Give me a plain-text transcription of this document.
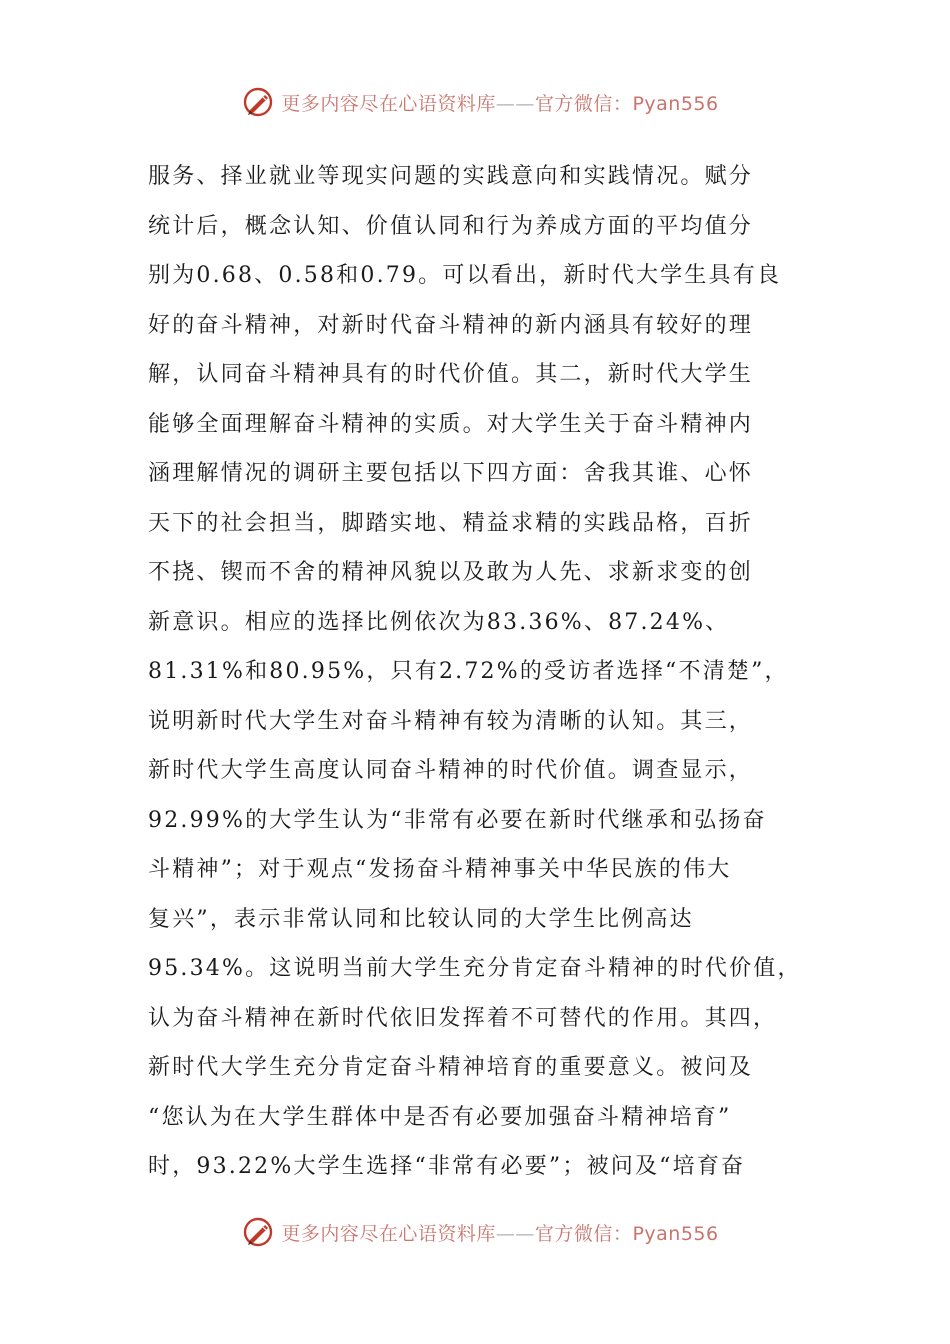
更多内容尽在心语资料库——官方微信：Pyan556
服务、择业就业等现实问题的实践意向和实践情况。赋分
统计后，概念认知、价值认同和行为养成方面的平均值分
别为0.68、0.58和0.79。可以看出，新时代大学生具有良
好的奋斗精神，对新时代奋斗精神的新内涵具有较好的理
解，认同奋斗精神具有的时代价值。其二，新时代大学生
能够全面理解奋斗精神的实质。对大学生关于奋斗精神内
涵理解情况的调研主要包括以下四方面：舍我其谁、心怀
天下的社会担当，脚踏实地、精益求精的实践品格，百折
不挠、锲而不舍的精神风貌以及敢为人先、求新求变的创
新意识。相应的选择比例依次为83.36%、87.24%、
81.31%和80.95%，只有2.72%的受访者选择“不清楚”，
说明新时代大学生对奋斗精神有较为清晰的认知。其三，
新时代大学生高度认同奋斗精神的时代价值。调查显示，
92.99%的大学生认为“非常有必要在新时代继承和弘扬奋
斗精神”；对于观点“发扬奋斗精神事关中华民族的伟大
复兴”，表示非常认同和比较认同的大学生比例高达
95.34%。这说明当前大学生充分肯定奋斗精神的时代价值，
认为奋斗精神在新时代依旧发挥着不可替代的作用。其四，
新时代大学生充分肯定奋斗精神培育的重要意义。被问及
“您认为在大学生群体中是否有必要加强奋斗精神培育”
时，93.22%大学生选择“非常有必要”；被问及“培育奋
更多内容尽在心语资料库——官方微信：Pyan556
